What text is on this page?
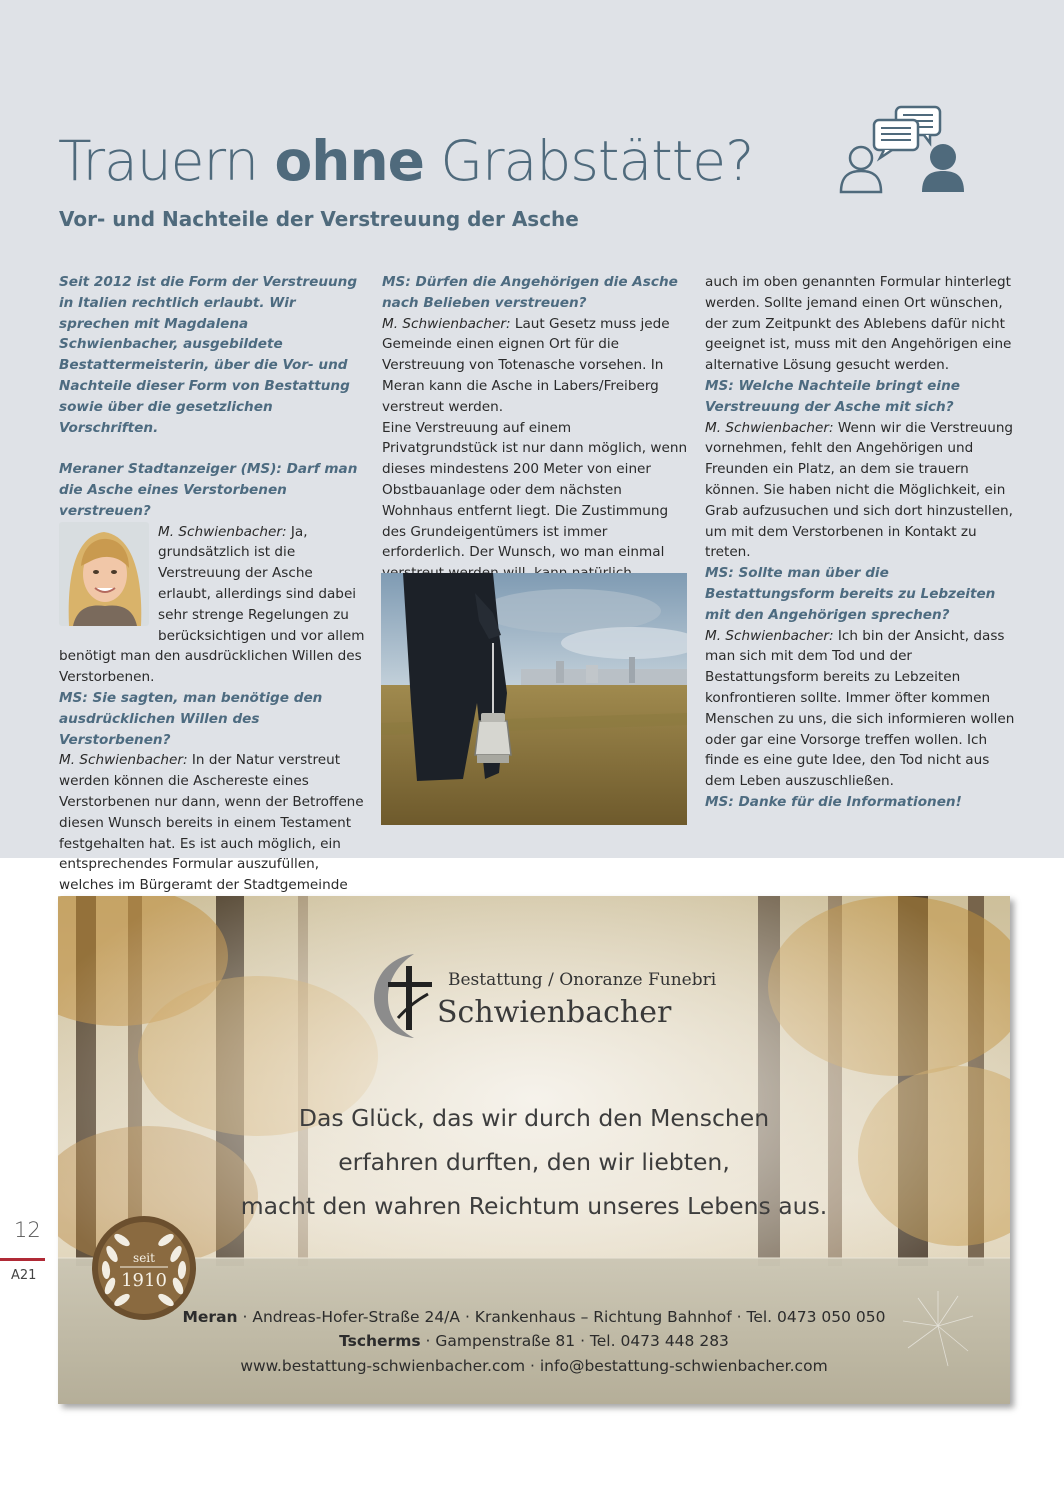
Trauern ohne Grabstätte?
Vor- und Nachteile der Verstreuung der Asche

Seit 2012 ist die Form der Verstreuung in Italien rechtlich erlaubt. Wir sprechen mit Magdalena Schwienbacher, ausgebildete Bestattermeisterin, über die Vor- und Nachteile dieser Form von Bestattung sowie über die gesetzlichen Vorschriften.

Meraner Stadtanzeiger (MS): Darf man die Asche eines Verstorbenen verstreuen?

M. Schwienbacher: Ja, grundsätzlich ist die Verstreuung der Asche erlaubt, allerdings sind dabei sehr strenge Regelungen zu berücksichtigen und vor allem benötigt man den ausdrücklichen Willen des Verstorbenen.

MS: Sie sagten, man benötige den ausdrücklichen Willen des Verstorbenen?

M. Schwienbacher: In der Natur verstreut werden können die Aschereste eines Verstorbenen nur dann, wenn der Betroffene diesen Wunsch bereits in einem Testament festgehalten hat. Es ist auch möglich, ein entsprechendes Formular auszufüllen, welches im Bürgeramt der Stadtgemeinde

MS: Dürfen die Angehörigen die Asche nach Belieben verstreuen?

M. Schwienbacher: Laut Gesetz muss jede Gemeinde einen eignen Ort für die Verstreuung von Totenasche vorsehen. In Meran kann die Asche in Labers/Freiberg verstreut werden.

Eine Verstreuung auf einem Privatgrundstück ist nur dann möglich, wenn dieses mindestens 200 Meter von einer Obstbauanlage oder dem nächsten Wohnhaus entfernt liegt. Die Zustimmung des Grundeigentümers ist immer erforderlich. Der Wunsch, wo man einmal

auch im oben genannten Formular hinterlegt werden. Sollte jemand einen Ort wünschen, der zum Zeitpunkt des Ablebens dafür nicht geeignet ist, muss mit den Angehörigen eine alternative Lösung gesucht werden.

MS: Welche Nachteile bringt eine Verstreuung der Asche mit sich?

M. Schwienbacher: Wenn wir die Verstreuung vornehmen, fehlt den Angehörigen und Freunden ein Platz, an dem sie trauern können. Sie haben nicht die Möglichkeit, ein Grab aufzusuchen und sich dort hinzustellen, um mit dem Verstorbenen in Kontakt zu treten.

MS: Sollte man über die Bestattungsform bereits zu Lebzeiten mit den Angehörigen sprechen?

M. Schwienbacher: Ich bin der Ansicht, dass man sich mit dem Tod und der Bestattungsform bereits zu Lebzeiten konfrontieren sollte. Immer öfter kommen Menschen zu uns, die sich informieren wollen oder gar eine Vorsorge treffen wollen. Ich finde es eine gute Idee, den Tod nicht aus dem Leben auszuschließen.

MS: Danke für die Informationen!

Bestattung / Onoranze Funebri
Schwienbacher
Das Glück, das wir durch den Menschen
erfahren durften, den wir liebten,
macht den wahren Reichtum unseres Lebens aus.
seit
1910
Meran · Andreas-Hofer-Straße 24/A · Krankenhaus – Richtung Bahnhof · Tel. 0473 050 050
Tscherms · Gampenstraße 81 · Tel. 0473 448 283
www.bestattung-schwienbacher.com · info@bestattung-schwienbacher.com
12
A21
